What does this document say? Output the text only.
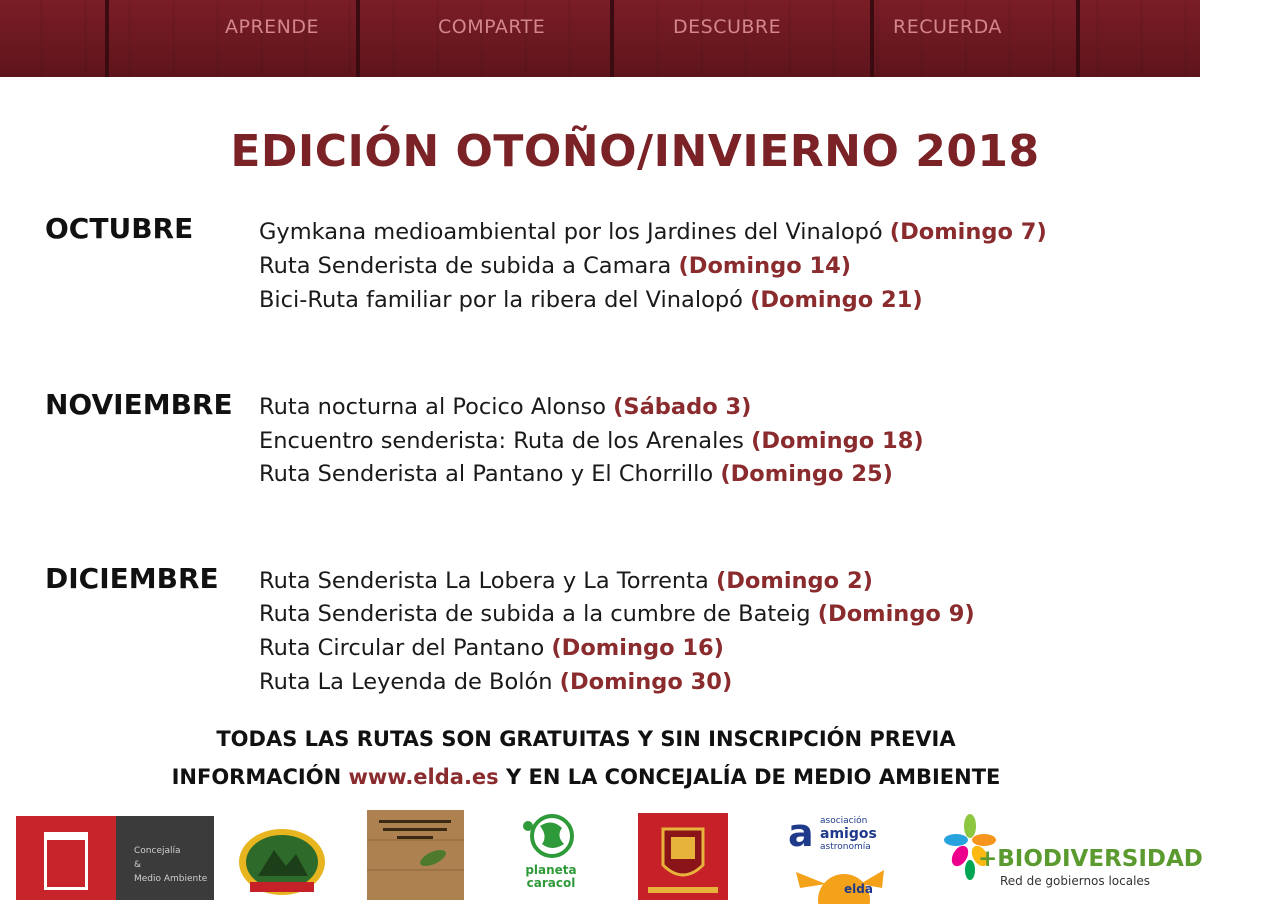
APRENDE	COMPARTE	DESCUBRE	RECUERDA
EDICIÓN OTOÑO/INVIERNO 2018
OCTUBRE	Gymkana medioambiental por los Jardines del Vinalopó (Domingo 7)
Ruta Senderista de subida a Camara (Domingo 14)
Bici-Ruta familiar por la ribera del Vinalopó (Domingo 21)
NOVIEMBRE Ruta nocturna al Pocico Alonso (Sábado 3)
Encuentro senderista: Ruta de los Arenales (Domingo 18)
Ruta Senderista al Pantano y El Chorrillo (Domingo 25)
DICIEMBRE Ruta Senderista La Lobera y La Torrenta (Domingo 2)
Ruta Senderista de subida a la cumbre de Bateig (Domingo 9)
Ruta Circular del Pantano (Domingo 16)
Ruta La Leyenda de Bolón (Domingo 30)
TODAS LAS RUTAS SON GRATUITAS Y SIN INSCRIPCIÓN PREVIA
INFORMACIÓN www.elda.es Y EN LA CONCEJALÍA DE MEDIO AMBIENTE
Concejalía
&
Medio Ambiente
planeta
caracol
a asociación
amigos
astronomía
elda
+BIODIVERSIDAD
Red de gobiernos locales
